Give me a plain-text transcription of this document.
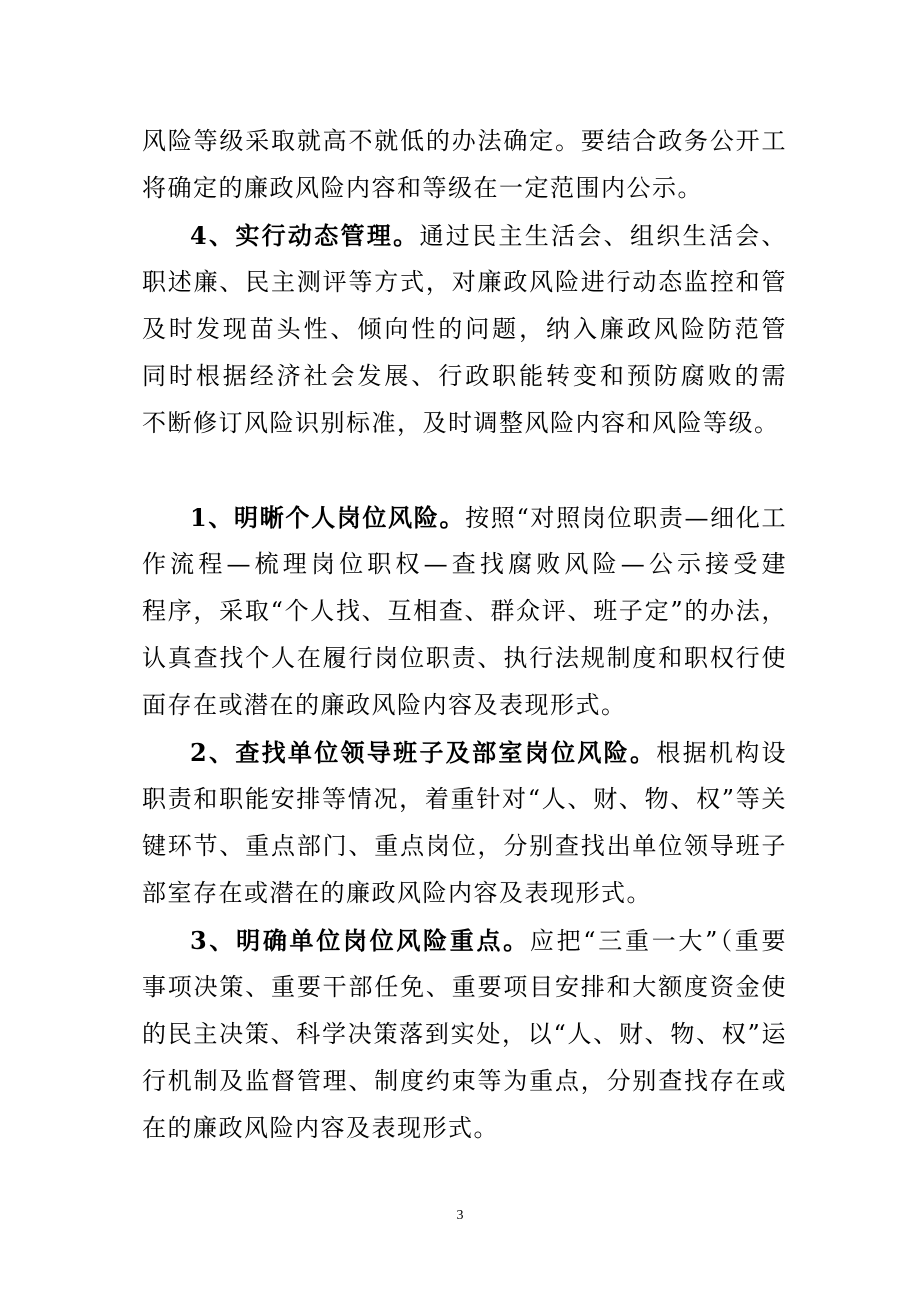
风险等级采取就高不就低的办法确定。要结合政务公开工
将确定的廉政风险内容和等级在一定范围内公示。
4、实行动态管理。通过民主生活会、组织生活会、
职述廉、民主测评等方式，对廉政风险进行动态监控和管
及时发现苗头性、倾向性的问题，纳入廉政风险防范管
同时根据经济社会发展、行政职能转变和预防腐败的需
不断修订风险识别标准，及时调整风险内容和风险等级。
1、明晰个人岗位风险。按照“对照岗位职责—细化工
作流程—梳理岗位职权—查找腐败风险—公示接受建
程序，采取“个人找、互相查、群众评、班子定”的办法，
认真查找个人在履行岗位职责、执行法规制度和职权行使
面存在或潜在的廉政风险内容及表现形式。
2、查找单位领导班子及部室岗位风险。根据机构设
职责和职能安排等情况，着重针对“人、财、物、权”等关
键环节、重点部门、重点岗位，分别查找出单位领导班子
部室存在或潜在的廉政风险内容及表现形式。
3、明确单位岗位风险重点。应把“三重一大”（重要
事项决策、重要干部任免、重要项目安排和大额度资金使
的民主决策、科学决策落到实处，以“人、财、物、权”运
行机制及监督管理、制度约束等为重点，分别查找存在或
在的廉政风险内容及表现形式。
3
